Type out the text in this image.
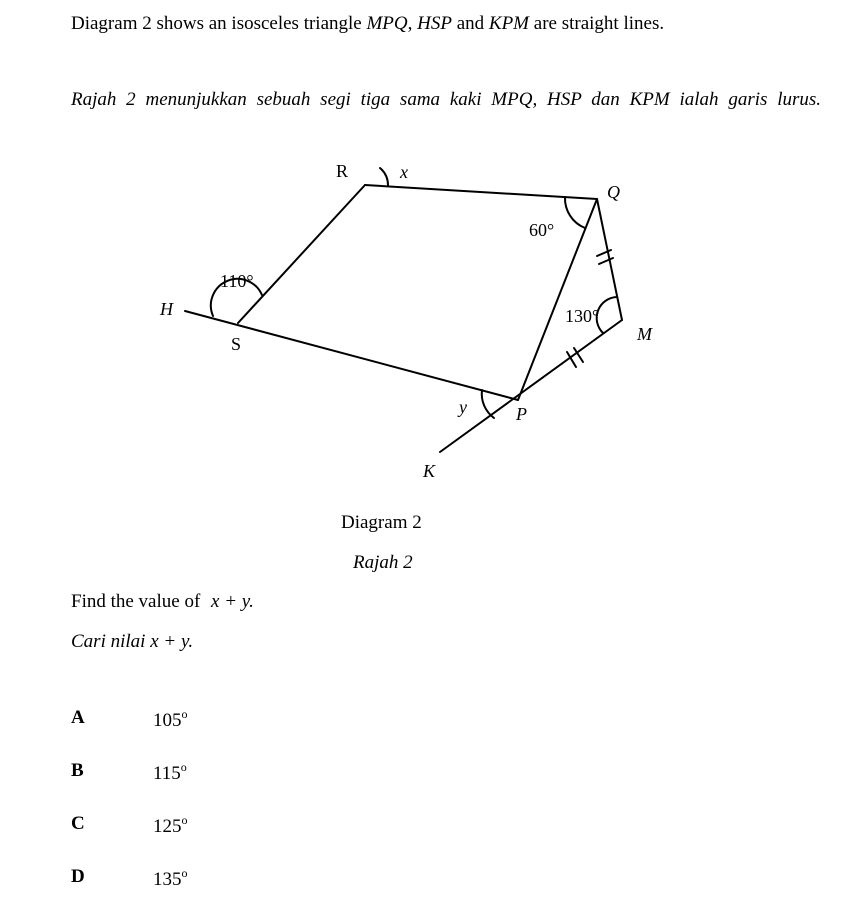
Diagram 2 shows an isosceles triangle MPQ, HSP and KPM are straight lines.
Rajah 2 menunjukkan sebuah segi tiga sama kaki MPQ, HSP dan KPM ialah garis lurus.
R
Q
H
S	M
P
K
x
60°
110°
130°
y
Diagram 2
Rajah 2
Find the value of x + y.
Cari nilai x + y.
A	105$^o$
B	115$^o$
C	125$^o$
D	135$^o$
